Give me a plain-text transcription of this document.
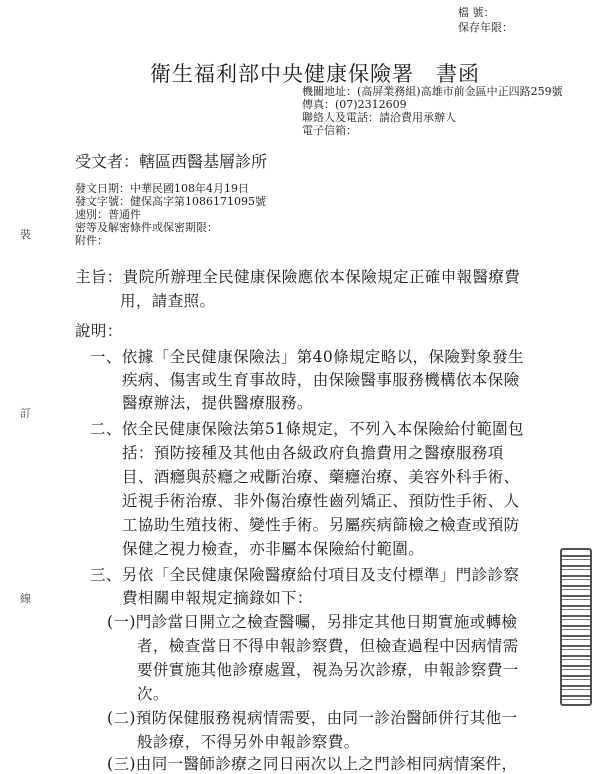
檔 號：
保存年限：
衛生福利部中央健康保險署　書函
機關地址：(高屏業務組)高雄市前金區中正四路259號
傳真：(07)2312609
聯絡人及電話：請洽費用承辦人
電子信箱：
受文者：轄區西醫基層診所
發文日期：中華民國108年4月19日
發文字號：健保高字第1086171095號
速別：普通件
密等及解密條件或保密期限：
附件：
裝
訂
線
主旨：貴院所辦理全民健康保險應依本保險規定正確申報醫療費
用，請查照。
說明：
一、依據「全民健康保險法」第40條規定略以，保險對象發生
疾病、傷害或生育事故時，由保險醫事服務機構依本保險
醫療辦法，提供醫療服務。
二、依全民健康保險法第51條規定，不列入本保險給付範圍包
括：預防接種及其他由各級政府負擔費用之醫療服務項
目、酒癮與菸癮之戒斷治療、藥癮治療、美容外科手術、
近視手術治療、非外傷治療性齒列矯正、預防性手術、人
工協助生殖技術、變性手術。另屬疾病篩檢之檢查或預防
保健之視力檢查，亦非屬本保險給付範圍。
三、另依「全民健康保險醫療給付項目及支付標準」門診診察
費相關申報規定摘錄如下：
(一)門診當日開立之檢查醫囑，另排定其他日期實施或轉檢
者，檢查當日不得申報診察費，但檢查過程中因病情需
要併實施其他診療處置，視為另次診療，申報診察費一
次。
(二)預防保健服務視病情需要，由同一診治醫師併行其他一
般診療，不得另外申報診察費。
(三)由同一醫師診療之同日兩次以上之門診相同病情案件，
